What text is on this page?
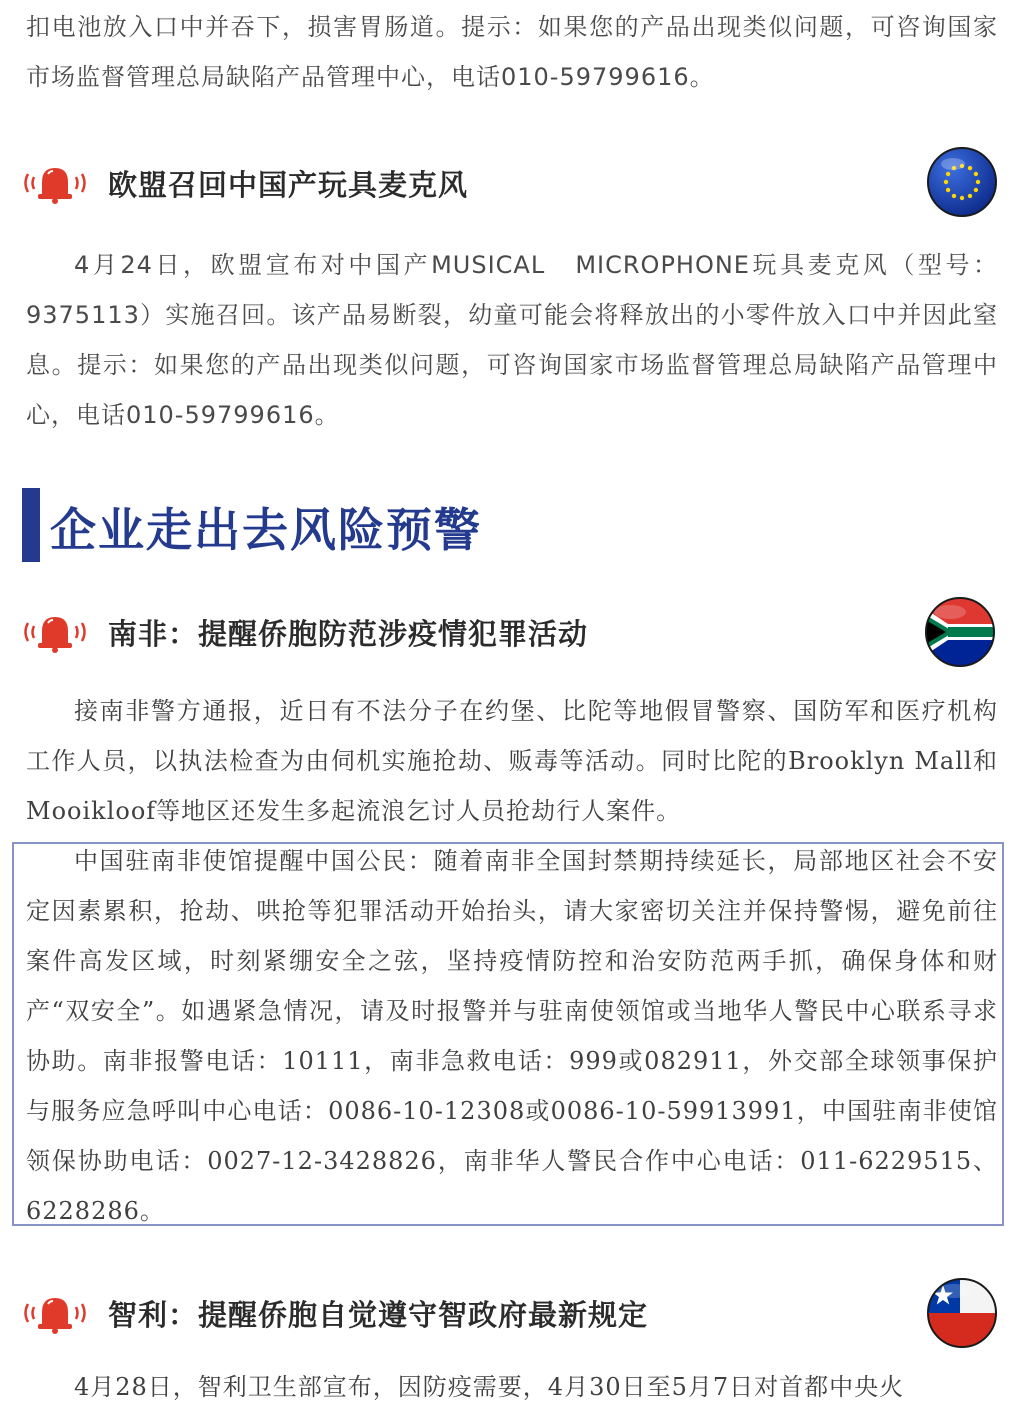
扣电池放入口中并吞下，损害胃肠道。提示：如果您的产品出现类似问题，可咨询国家市场监督管理总局缺陷产品管理中心，电话010-59799616。

欧盟召回中国产玩具麦克风

4月24日，欧盟宣布对中国产MUSICAL　MICROPHONE玩具麦克风（型号：9375113）实施召回。该产品易断裂，幼童可能会将释放出的小零件放入口中并因此窒息。提示：如果您的产品出现类似问题，可咨询国家市场监督管理总局缺陷产品管理中心，电话010-59799616。

企业走出去风险预警
南非：提醒侨胞防范涉疫情犯罪活动

接南非警方通报，近日有不法分子在约堡、比陀等地假冒警察、国防军和医疗机构工作人员，以执法检查为由伺机实施抢劫、贩毒等活动。同时比陀的Brooklyn Mall和Mooikloof等地区还发生多起流浪乞讨人员抢劫行人案件。

中国驻南非使馆提醒中国公民：随着南非全国封禁期持续延长，局部地区社会不安定因素累积，抢劫、哄抢等犯罪活动开始抬头，请大家密切关注并保持警惕，避免前往案件高发区域，时刻紧绷安全之弦，坚持疫情防控和治安防范两手抓，确保身体和财产“双安全”。如遇紧急情况，请及时报警并与驻南使领馆或当地华人警民中心联系寻求协助。南非报警电话：10111，南非急救电话：999或082911，外交部全球领事保护与服务应急呼叫中心电话：0086-10-12308或0086-10-59913991，中国驻南非使馆领保协助电话：0027-12-3428826，南非华人警民合作中心电话：011-6229515、6228286。

智利：提醒侨胞自觉遵守智政府最新规定

4月28日，智利卫生部宣布，因防疫需要，4月30日至5月7日对首都中央火
